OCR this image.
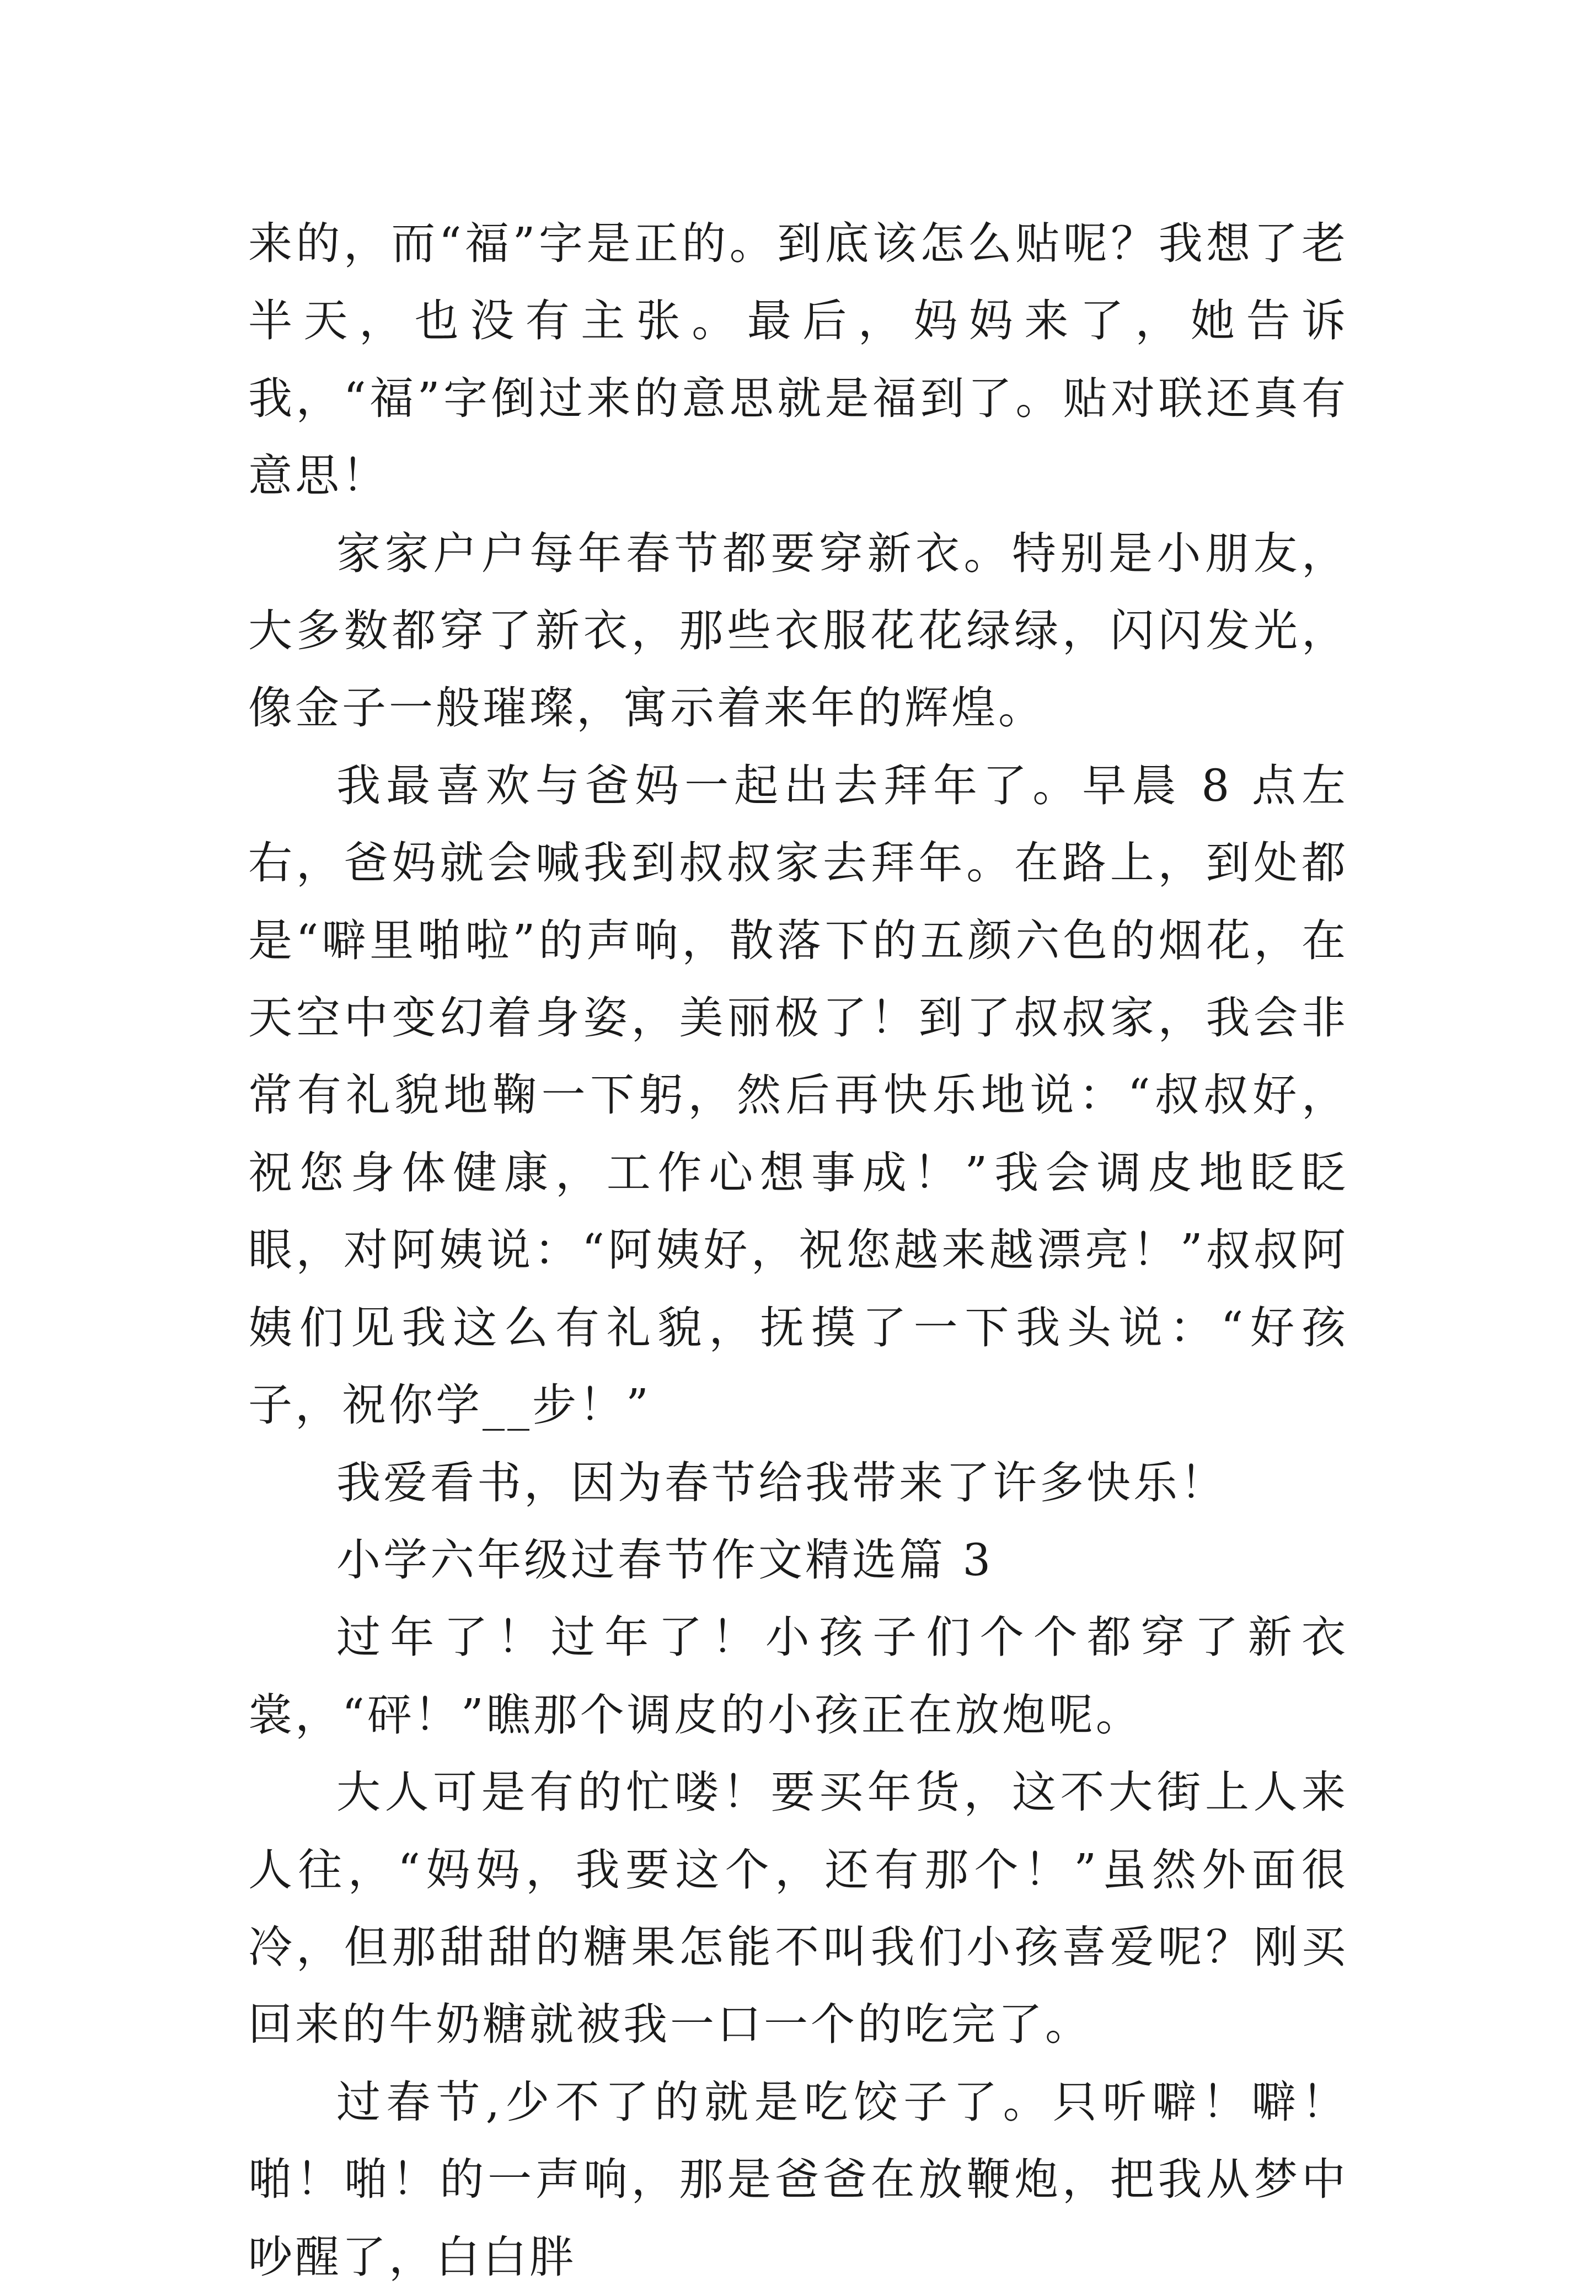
来的，而“福”字是正的。到底该怎么贴呢？我想了老半天，也没有主张。最后，妈妈来了，她告诉我，“福”字倒过来的意思就是福到了。贴对联还真有意思！

家家户户每年春节都要穿新衣。特别是小朋友，大多数都穿了新衣，那些衣服花花绿绿，闪闪发光，像金子一般璀璨，寓示着来年的辉煌。

我最喜欢与爸妈一起出去拜年了。早晨 8 点左右，爸妈就会喊我到叔叔家去拜年。在路上，到处都是“噼里啪啦”的声响，散落下的五颜六色的烟花，在天空中变幻着身姿，美丽极了！到了叔叔家，我会非常有礼貌地鞠一下躬，然后再快乐地说：“叔叔好，祝您身体健康，工作心想事成！”我会调皮地眨眨眼，对阿姨说：“阿姨好，祝您越来越漂亮！”叔叔阿姨们见我这么有礼貌，抚摸了一下我头说：“好孩子，祝你学__步！”

我爱看书，因为春节给我带来了许多快乐！

小学六年级过春节作文精选篇 3

过年了！过年了！小孩子们个个都穿了新衣裳，“砰！”瞧那个调皮的小孩正在放炮呢。

大人可是有的忙喽！要买年货，这不大街上人来人往，“妈妈，我要这个，还有那个！”虽然外面很冷，但那甜甜的糖果怎能不叫我们小孩喜爱呢？刚买回来的牛奶糖就被我一口一个的吃完了。

过春节,少不了的就是吃饺子了。只听噼！噼！啪！啪！的一声响，那是爸爸在放鞭炮，把我从梦中吵醒了，白白胖
